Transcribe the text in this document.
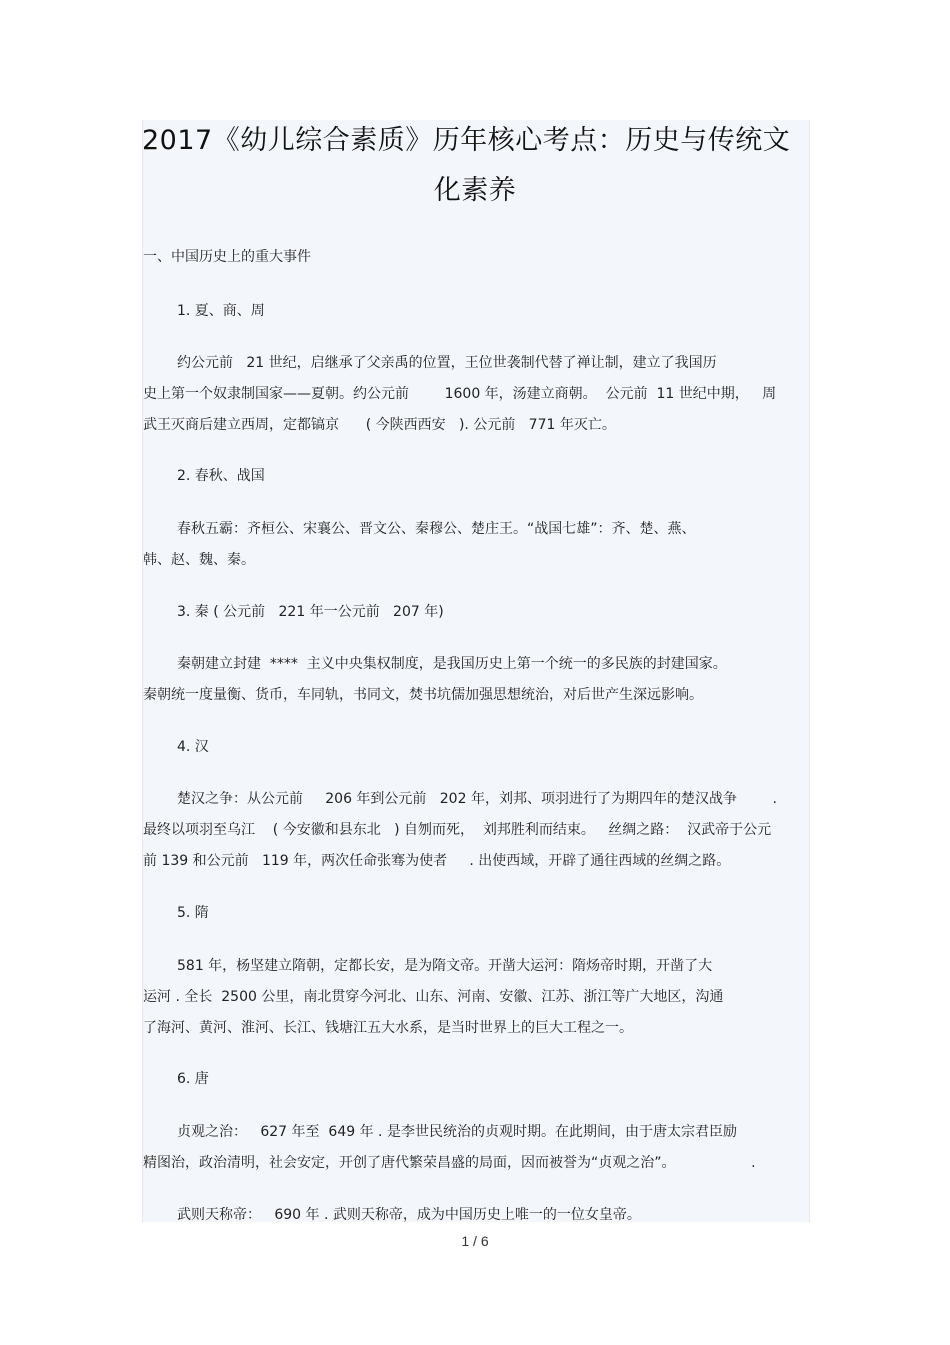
2017《幼儿综合素质》历年核心考点：历史与传统文
化素养
一、中国历史上的重大事件
1. 夏、商、周
约公元前   21 世纪，启继承了父亲禹的位置，王位世袭制代替了禅让制，建立了我国历
史上第一个奴隶制国家——夏朝。约公元前        1600 年，汤建立商朝。  公元前  11 世纪中期，   周
武王灭商后建立西周，定都镐京      ( 今陕西西安   ). 公元前   771 年灭亡。
2. 春秋、战国
春秋五霸：齐桓公、宋襄公、晋文公、秦穆公、楚庄王。“战国七雄”：齐、楚、燕、
韩、赵、魏、秦。
3. 秦 ( 公元前   221 年一公元前   207 年)
秦朝建立封建  ****  主义中央集权制度，是我国历史上第一个统一的多民族的封建国家。
秦朝统一度量衡、货币，车同轨，书同文，焚书坑儒加强思想统治，对后世产生深远影响。
4. 汉
楚汉之争：从公元前     206 年到公元前   202 年，刘邦、项羽进行了为期四年的楚汉战争        .
最终以项羽至乌江    ( 今安徽和县东北   ) 自刎而死，  刘邦胜利而结束。   丝绸之路：  汉武帝于公元
前 139 和公元前   119 年，两次任命张骞为使者     . 出使西域，开辟了通往西域的丝绸之路。
5. 隋
581 年，杨坚建立隋朝，定都长安，是为隋文帝。开凿大运河：隋炀帝时期，开凿了大
运河 . 全长  2500 公里，南北贯穿今河北、山东、河南、安徽、江苏、浙江等广大地区，沟通
了海河、黄河、淮河、长江、钱塘江五大水系，是当时世界上的巨大工程之一。
6. 唐
贞观之治：   627 年至  649 年 . 是李世民统治的贞观时期。在此期间，由于唐太宗君臣励
精图治，政治清明，社会安定，开创了唐代繁荣昌盛的局面，因而被誉为“贞观之治”。                 .
武则天称帝：   690 年 . 武则天称帝，成为中国历史上唯一的一位女皇帝。
1 / 6
